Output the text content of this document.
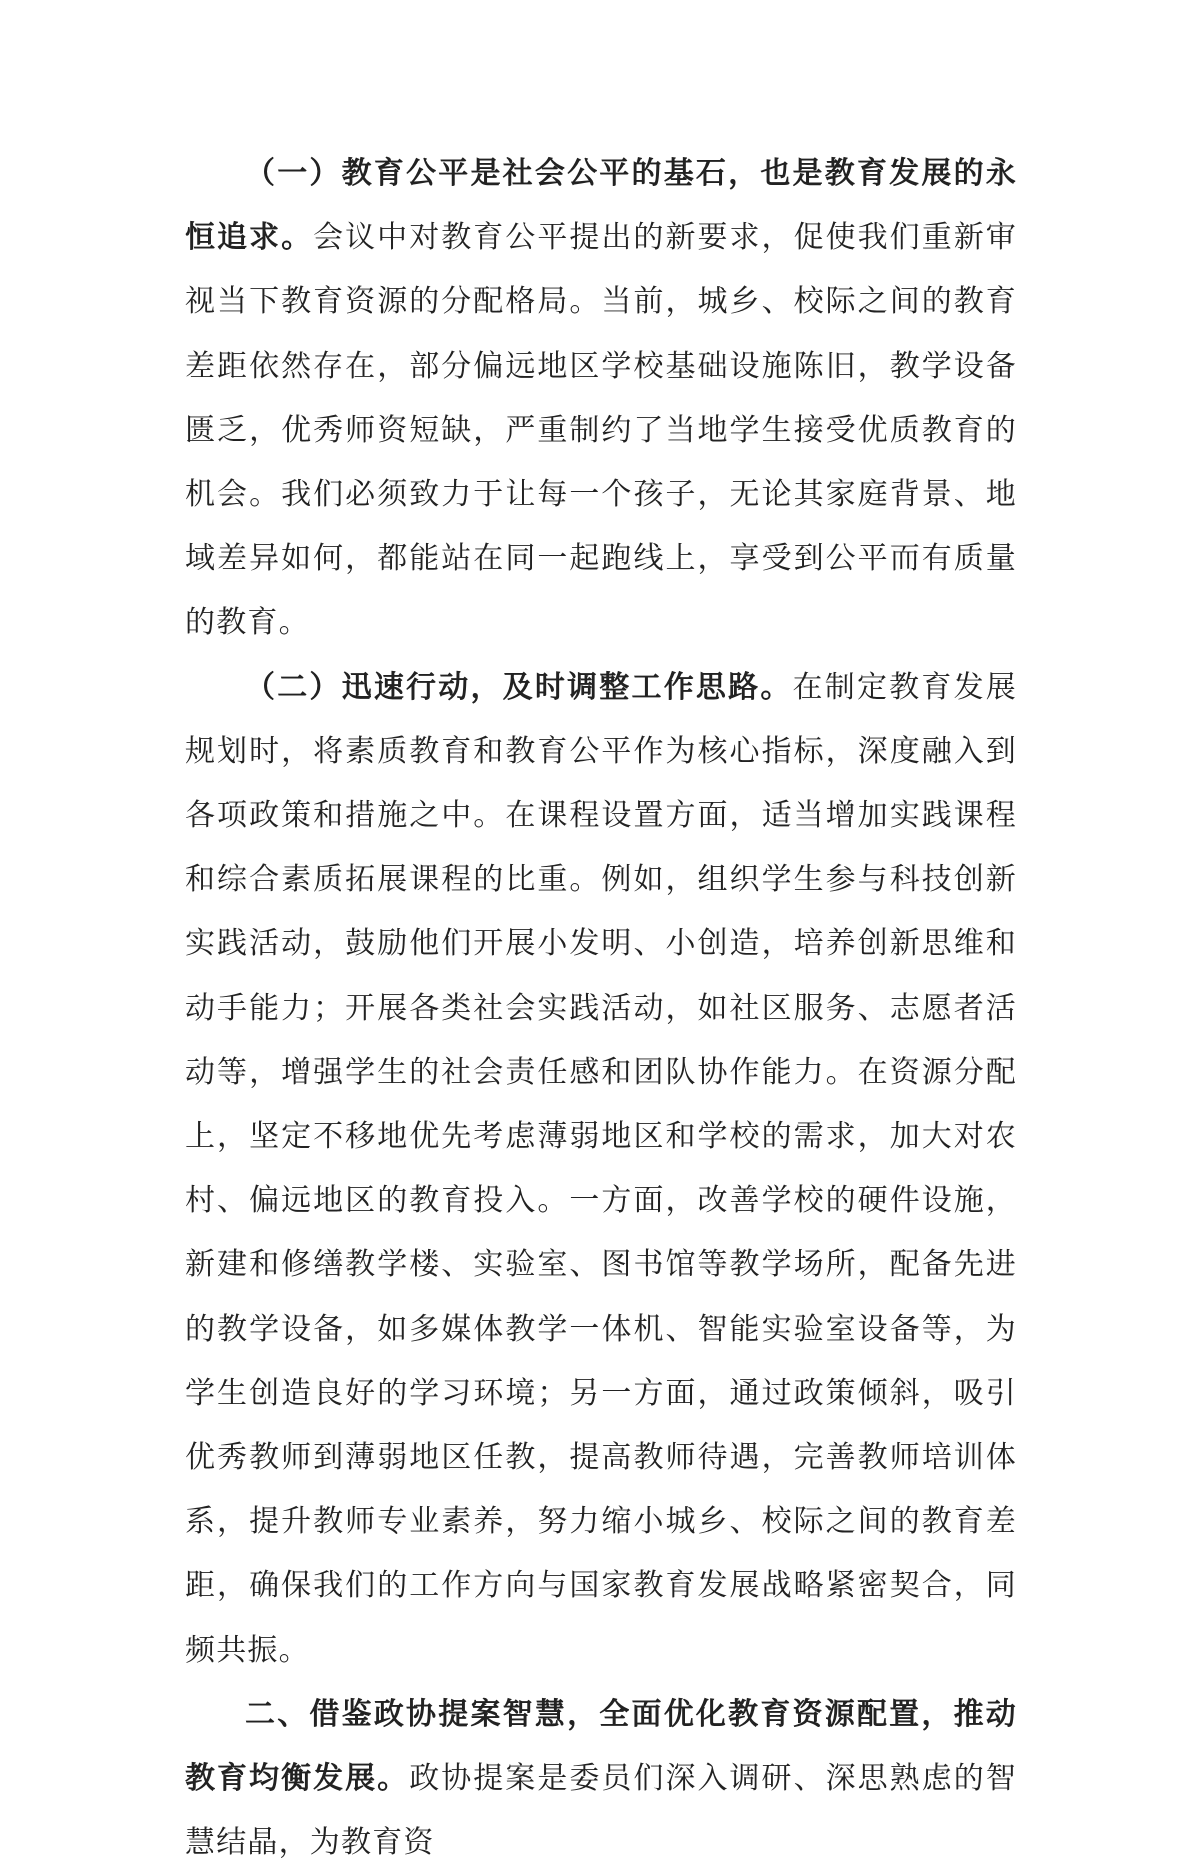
（一）教育公平是社会公平的基石，也是教育发展的永恒追求。会议中对教育公平提出的新要求，促使我们重新审视当下教育资源的分配格局。当前，城乡、校际之间的教育差距依然存在，部分偏远地区学校基础设施陈旧，教学设备匮乏，优秀师资短缺，严重制约了当地学生接受优质教育的机会。我们必须致力于让每一个孩子，无论其家庭背景、地域差异如何，都能站在同一起跑线上，享受到公平而有质量的教育。

（二）迅速行动，及时调整工作思路。在制定教育发展规划时，将素质教育和教育公平作为核心指标，深度融入到各项政策和措施之中。在课程设置方面，适当增加实践课程和综合素质拓展课程的比重。例如，组织学生参与科技创新实践活动，鼓励他们开展小发明、小创造，培养创新思维和动手能力；开展各类社会实践活动，如社区服务、志愿者活动等，增强学生的社会责任感和团队协作能力。在资源分配上，坚定不移地优先考虑薄弱地区和学校的需求，加大对农村、偏远地区的教育投入。一方面，改善学校的硬件设施，新建和修缮教学楼、实验室、图书馆等教学场所，配备先进的教学设备，如多媒体教学一体机、智能实验室设备等，为学生创造良好的学习环境；另一方面，通过政策倾斜，吸引优秀教师到薄弱地区任教，提高教师待遇，完善教师培训体系，提升教师专业素养，努力缩小城乡、校际之间的教育差距，确保我们的工作方向与国家教育发展战略紧密契合，同频共振。

二、借鉴政协提案智慧，全面优化教育资源配置，推动教育均衡发展。政协提案是委员们深入调研、深思熟虑的智慧结晶，为教育资
